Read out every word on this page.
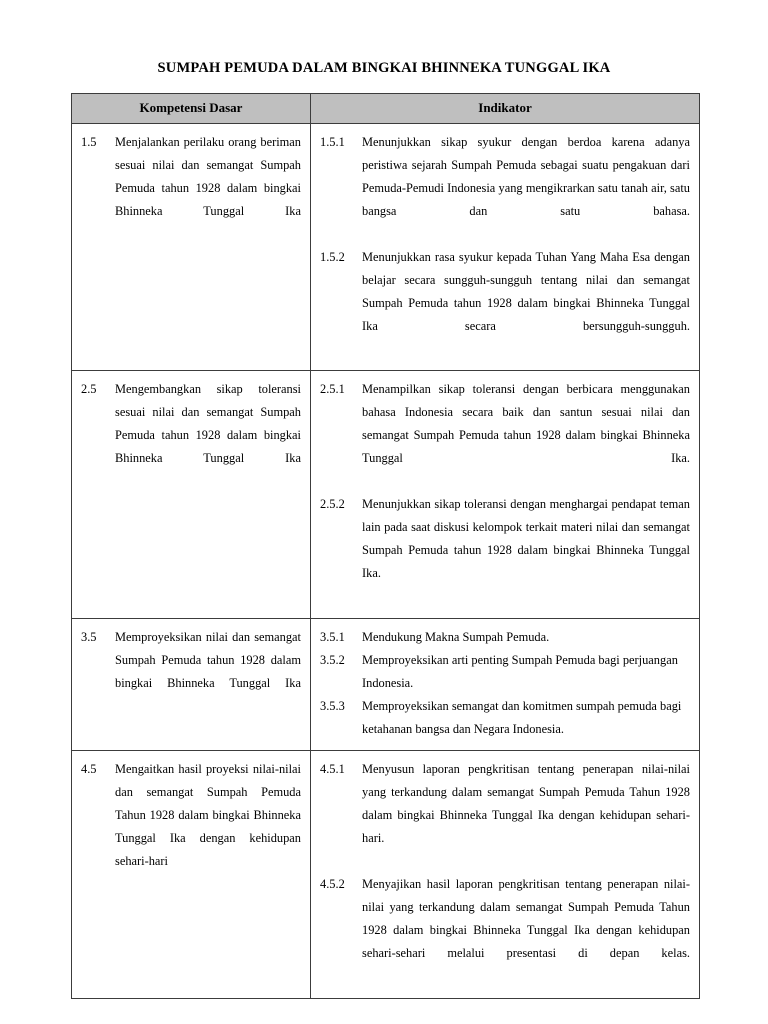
SUMPAH PEMUDA DALAM BINGKAI BHINNEKA TUNGGAL IKA
Kompetensi Dasar	Indikator

1.5	Menjalankan perilaku orang beriman sesuai nilai dan semangat Sumpah Pemuda tahun 1928 dalam bingkai Bhinneka Tunggal Ika

1.5.1	Menunjukkan sikap syukur dengan berdoa karena adanya peristiwa sejarah Sumpah Pemuda sebagai suatu pengakuan dari Pemuda-Pemudi Indonesia yang mengikrarkan satu tanah air, satu bangsa dan satu bahasa.
1.5.2	Menunjukkan rasa syukur kepada Tuhan Yang Maha Esa dengan belajar secara sungguh-sungguh tentang nilai dan semangat Sumpah Pemuda tahun 1928 dalam bingkai Bhinneka Tunggal Ika secara bersungguh-sungguh.

2.5	Mengembangkan sikap toleransi sesuai nilai dan semangat Sumpah Pemuda tahun 1928 dalam bingkai Bhinneka Tunggal Ika

2.5.1	Menampilkan sikap toleransi dengan berbicara menggunakan bahasa Indonesia secara baik dan santun sesuai nilai dan semangat Sumpah Pemuda tahun 1928 dalam bingkai Bhinneka Tunggal Ika.
2.5.2	Menunjukkan sikap toleransi dengan menghargai pendapat teman lain pada saat diskusi kelompok terkait materi nilai dan semangat Sumpah Pemuda tahun 1928 dalam bingkai Bhinneka Tunggal Ika.

3.5	Memproyeksikan nilai dan semangat Sumpah Pemuda tahun 1928 dalam bingkai Bhinneka Tunggal Ika

3.5.1	Mendukung Makna Sumpah Pemuda.
3.5.2	Memproyeksikan arti penting Sumpah Pemuda bagi perjuangan Indonesia.
3.5.3	Memproyeksikan semangat dan komitmen sumpah pemuda bagi ketahanan bangsa dan Negara Indonesia.

4.5	Mengaitkan hasil proyeksi nilai-nilai dan semangat Sumpah Pemuda Tahun 1928 dalam bingkai Bhinneka Tunggal Ika dengan kehidupan sehari-hari

4.5.1	Menyusun laporan pengkritisan tentang penerapan nilai-nilai yang terkandung dalam semangat Sumpah Pemuda Tahun 1928 dalam bingkai Bhinneka Tunggal Ika dengan kehidupan sehari-hari.
4.5.2	Menyajikan hasil laporan pengkritisan tentang penerapan nilai-nilai yang terkandung dalam semangat Sumpah Pemuda Tahun 1928 dalam bingkai Bhinneka Tunggal Ika dengan kehidupan sehari-sehari melalui presentasi di depan kelas.
